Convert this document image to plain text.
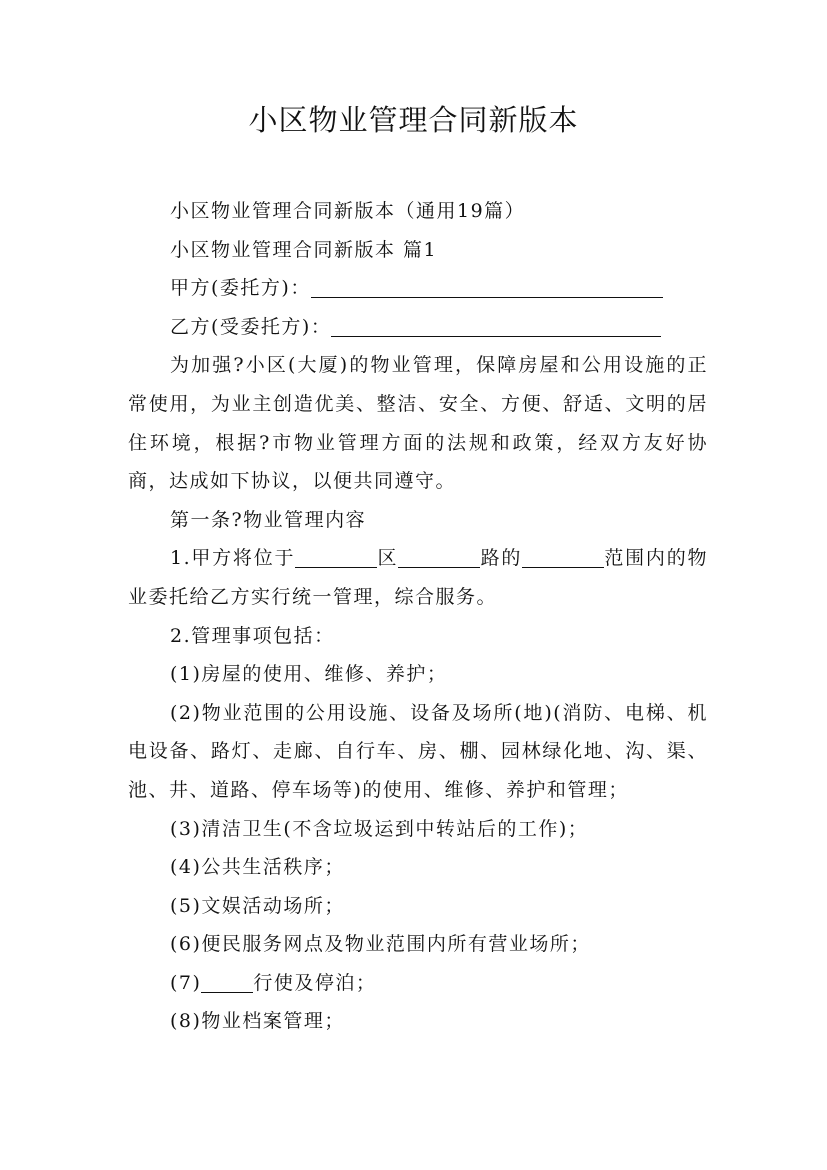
小区物业管理合同新版本

小区物业管理合同新版本（通用19篇）

小区物业管理合同新版本 篇1

甲方(委托方)：

乙方(受委托方)：

为加强?小区(大厦)的物业管理，保障房屋和公用设施的正常使用，为业主创造优美、整洁、安全、方便、舒适、文明的居住环境，根据?市物业管理方面的法规和政策，经双方友好协商，达成如下协议，以便共同遵守。

第一条?物业管理内容

1.甲方将位于	区	路的	范围内的物业委托给乙方实行统一管理，综合服务。

2.管理事项包括：

(1)房屋的使用、维修、养护；

(2)物业范围的公用设施、设备及场所(地)(消防、电梯、机电设备、路灯、走廊、自行车、房、棚、园林绿化地、沟、渠、池、井、道路、停车场等)的使用、维修、养护和管理；

(3)清洁卫生(不含垃圾运到中转站后的工作)；

(4)公共生活秩序；

(5)文娱活动场所；

(6)便民服务网点及物业范围内所有营业场所；

(7)	行使及停泊；

(8)物业档案管理；
